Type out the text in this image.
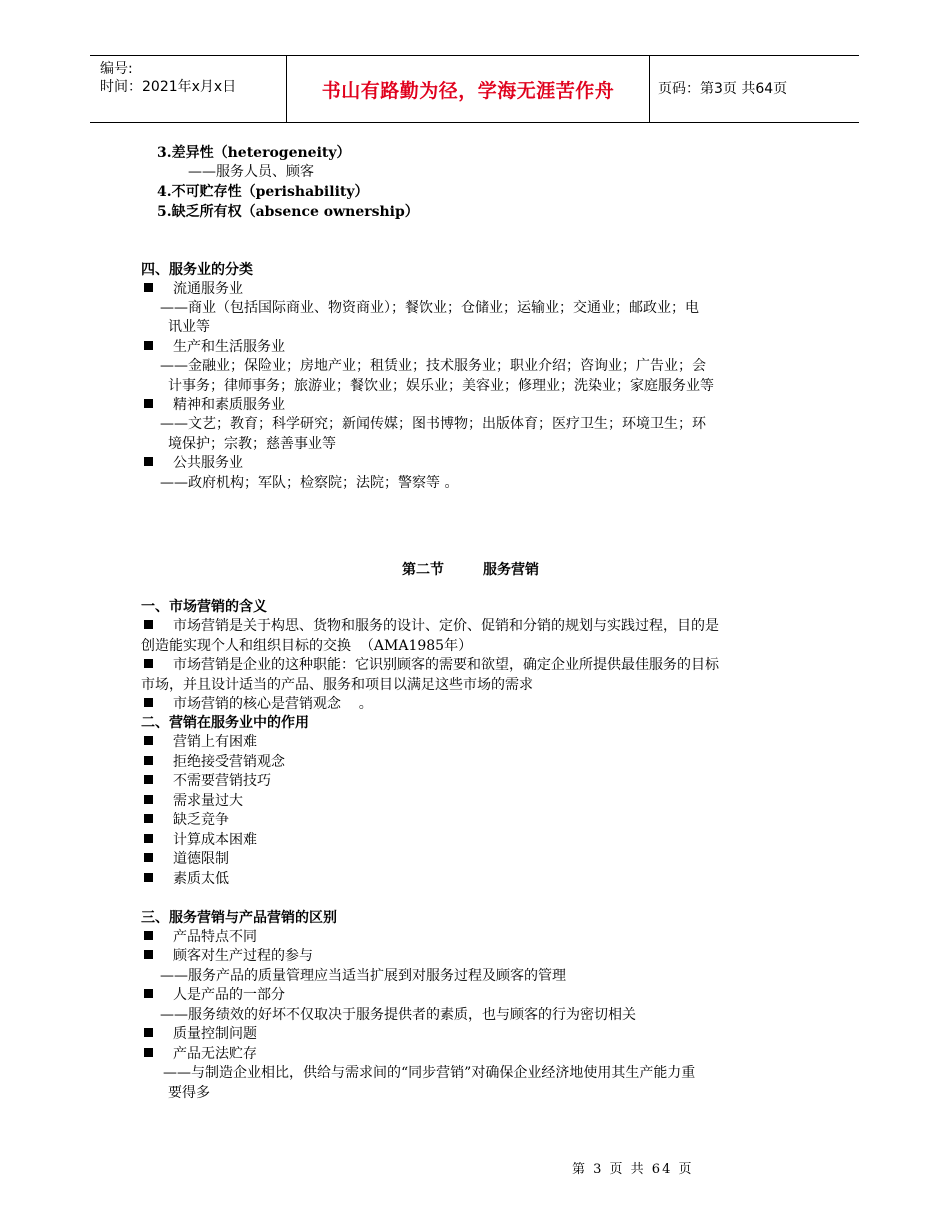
编号:
时间：2021年x月x日	书山有路勤为径，学海无涯苦作舟	页码：第3页 共64页
3.差异性（heterogeneity）
——服务人员、顾客
4.不可贮存性（perishability）
5.缺乏所有权（absence ownership）
四、服务业的分类
流通服务业
——商业（包括国际商业、物资商业）；餐饮业；仓储业；运输业；交通业；邮政业；电
讯业等
生产和生活服务业
——金融业；保险业；房地产业；租赁业；技术服务业；职业介绍；咨询业；广告业；会
计事务；律师事务；旅游业；餐饮业；娱乐业；美容业；修理业；洗染业；家庭服务业等
精神和素质服务业
——文艺；教育；科学研究；新闻传媒；图书博物；出版体育；医疗卫生；环境卫生；环
境保护；宗教；慈善事业等
公共服务业
——政府机构；军队；检察院；法院；警察等 。
第二节        服务营销
一、市场营销的含义
市场营销是关于构思、货物和服务的设计、定价、促销和分销的规划与实践过程，目的是
创造能实现个人和组织目标的交换  （AMA1985年）
市场营销是企业的这种职能：它识别顾客的需要和欲望，确定企业所提供最佳服务的目标
市场，并且设计适当的产品、服务和项目以满足这些市场的需求
市场营销的核心是营销观念    。
二、营销在服务业中的作用
营销上有困难
拒绝接受营销观念
不需要营销技巧
需求量过大
缺乏竞争
计算成本困难
道德限制
素质太低
三、服务营销与产品营销的区别
产品特点不同
顾客对生产过程的参与
——服务产品的质量管理应当适当扩展到对服务过程及顾客的管理
人是产品的一部分
——服务绩效的好坏不仅取决于服务提供者的素质，也与顾客的行为密切相关
质量控制问题
产品无法贮存
——与制造企业相比，供给与需求间的“同步营销”对确保企业经济地使用其生产能力重
要得多
第 3 页 共 64 页
